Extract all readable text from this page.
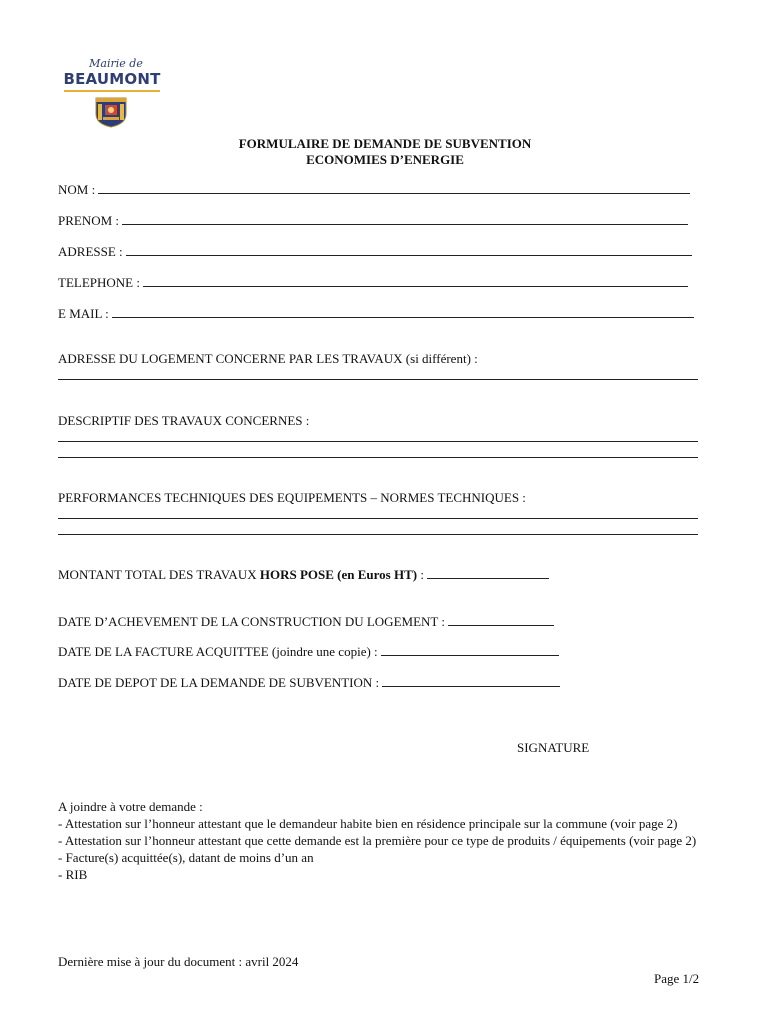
Mairie de
BEAUMONT
FORMULAIRE DE DEMANDE DE SUBVENTION
ECONOMIES D’ENERGIE
NOM :
PRENOM :
ADRESSE :
TELEPHONE :
E MAIL :
ADRESSE DU LOGEMENT CONCERNE PAR LES TRAVAUX (si différent) :
DESCRIPTIF DES TRAVAUX CONCERNES :
PERFORMANCES TECHNIQUES DES EQUIPEMENTS – NORMES TECHNIQUES :
MONTANT TOTAL DES TRAVAUX HORS POSE (en Euros HT) :
DATE D’ACHEVEMENT DE LA CONSTRUCTION DU LOGEMENT :
DATE DE LA FACTURE ACQUITTEE (joindre une copie) :
DATE DE DEPOT DE LA DEMANDE DE SUBVENTION :
SIGNATURE
A joindre à votre demande :
- Attestation sur l’honneur attestant que le demandeur habite bien en résidence principale sur la commune (voir page 2)
- Attestation sur l’honneur attestant que cette demande est la première pour ce type de produits / équipements (voir page 2)
- Facture(s) acquittée(s), datant de moins d’un an
- RIB
Dernière mise à jour du document : avril 2024
Page 1/2
